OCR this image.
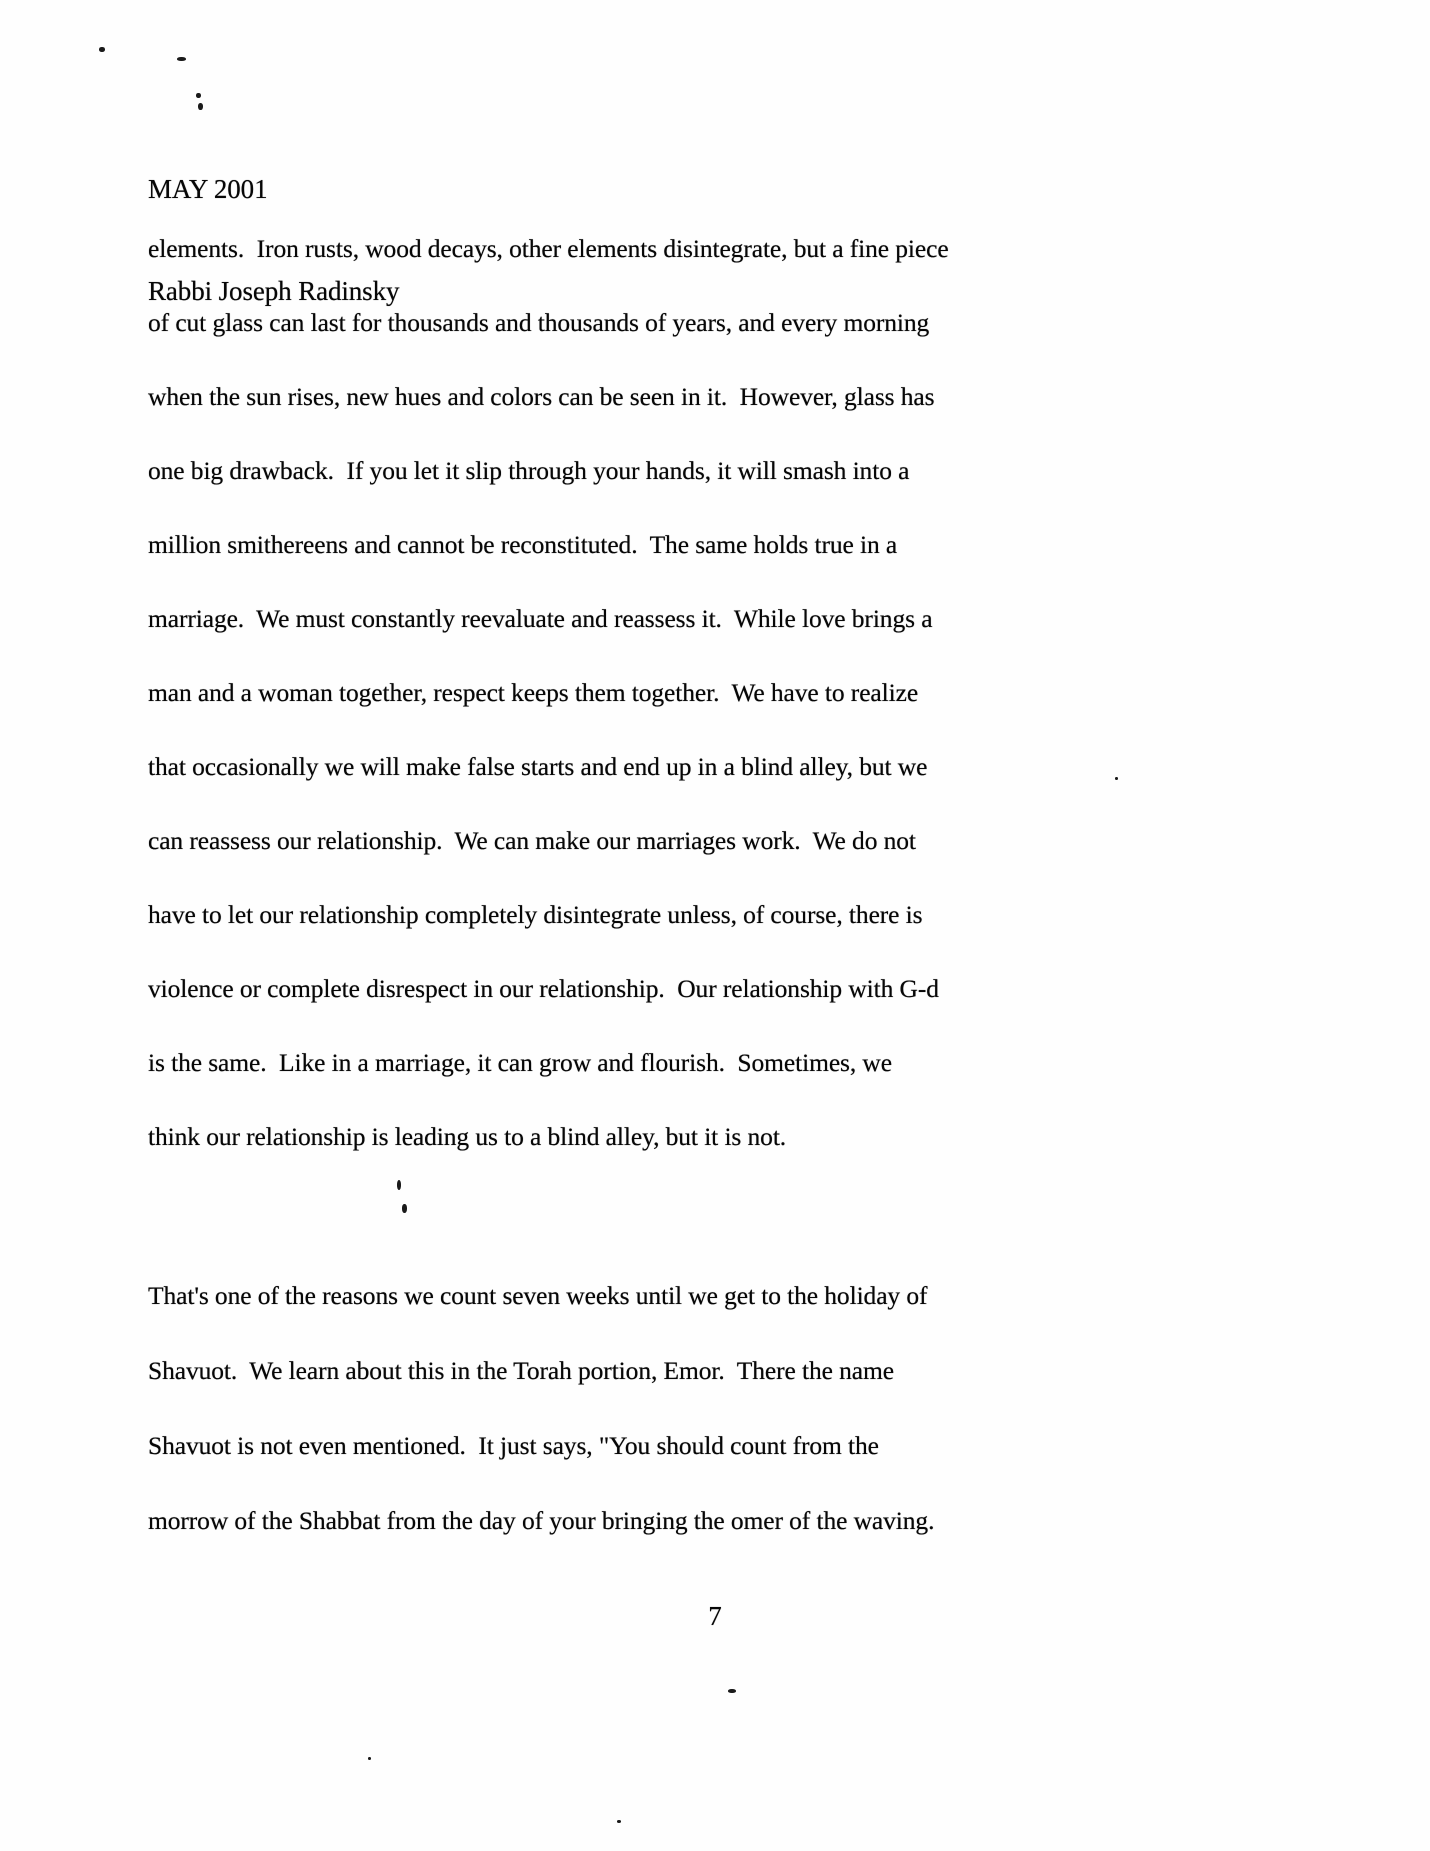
MAY 2001

Rabbi Joseph Radinsky

elements.  Iron rusts, wood decays, other elements disintegrate, but a fine piece
of cut glass can last for thousands and thousands of years, and every morning
when the sun rises, new hues and colors can be seen in it.  However, glass has
one big drawback.  If you let it slip through your hands, it will smash into a
million smithereens and cannot be reconstituted.  The same holds true in a
marriage.  We must constantly reevaluate and reassess it.  While love brings a
man and a woman together, respect keeps them together.  We have to realize
that occasionally we will make false starts and end up in a blind alley, but we
can reassess our relationship.  We can make our marriages work.  We do not
have to let our relationship completely disintegrate unless, of course, there is
violence or complete disrespect in our relationship.  Our relationship with G-d
is the same.  Like in a marriage, it can grow and flourish.  Sometimes, we
think our relationship is leading us to a blind alley, but it is not.
That's one of the reasons we count seven weeks until we get to the holiday of
Shavuot.  We learn about this in the Torah portion, Emor.  There the name
Shavuot is not even mentioned.  It just says, "You should count from the
morrow of the Shabbat from the day of your bringing the omer of the waving.
7
